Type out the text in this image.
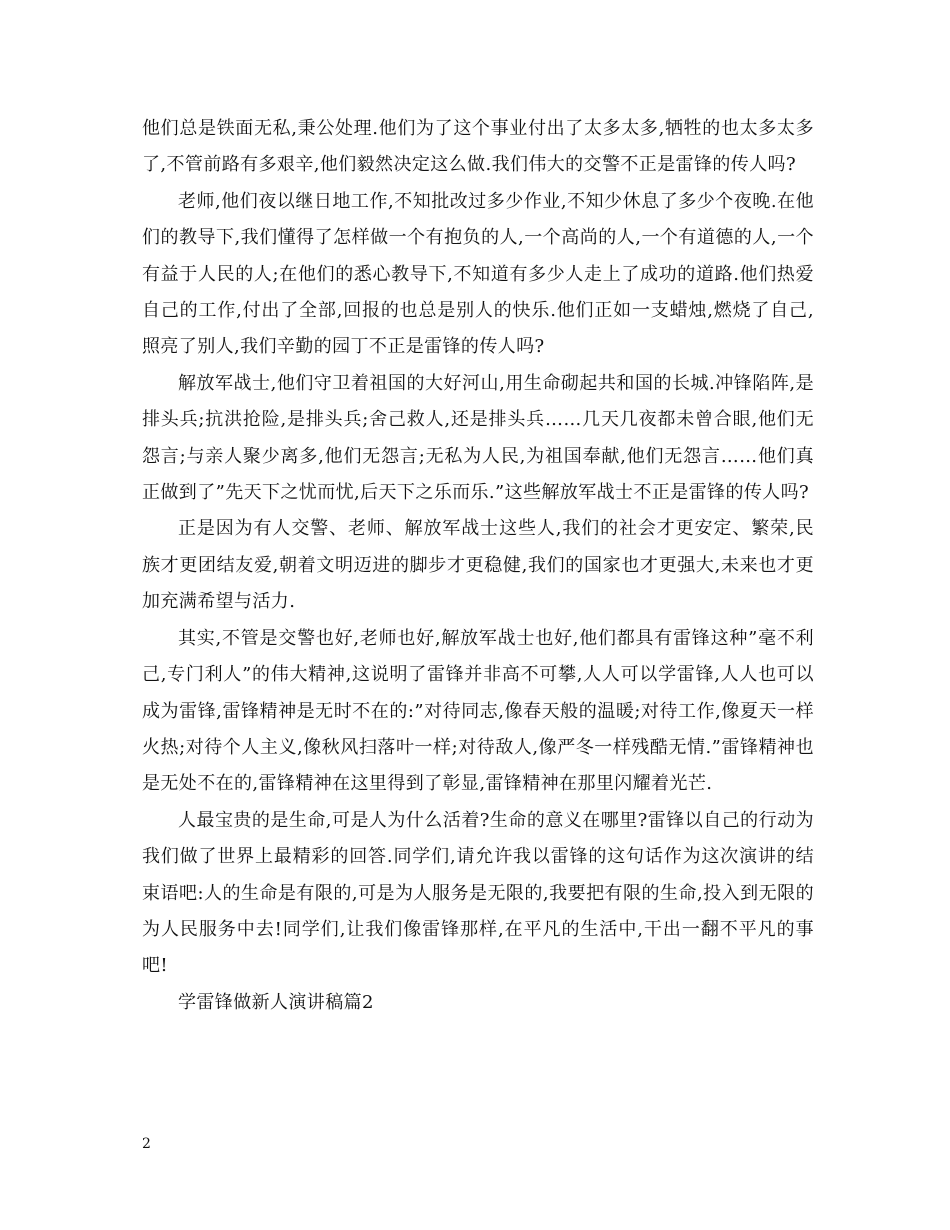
他们总是铁面无私,秉公处理.他们为了这个事业付出了太多太多,牺牲的也太多太多了,不管前路有多艰辛,他们毅然决定这么做.我们伟大的交警不正是雷锋的传人吗?

老师,他们夜以继日地工作,不知批改过多少作业,不知少休息了多少个夜晚.在他们的教导下,我们懂得了怎样做一个有抱负的人,一个高尚的人,一个有道德的人,一个有益于人民的人;在他们的悉心教导下,不知道有多少人走上了成功的道路.他们热爱自己的工作,付出了全部,回报的也总是别人的快乐.他们正如一支蜡烛,燃烧了自己,照亮了别人,我们辛勤的园丁不正是雷锋的传人吗?

解放军战士,他们守卫着祖国的大好河山,用生命砌起共和国的长城.冲锋陷阵,是排头兵;抗洪抢险,是排头兵;舍己救人,还是排头兵……几天几夜都未曾合眼,他们无怨言;与亲人聚少离多,他们无怨言;无私为人民,为祖国奉献,他们无怨言……他们真正做到了”先天下之忧而忧,后天下之乐而乐.”这些解放军战士不正是雷锋的传人吗?

正是因为有人交警、老师、解放军战士这些人,我们的社会才更安定、繁荣,民族才更团结友爱,朝着文明迈进的脚步才更稳健,我们的国家也才更强大,未来也才更加充满希望与活力.

其实,不管是交警也好,老师也好,解放军战士也好,他们都具有雷锋这种”毫不利己,专门利人”的伟大精神,这说明了雷锋并非高不可攀,人人可以学雷锋,人人也可以成为雷锋,雷锋精神是无时不在的:”对待同志,像春天般的温暖;对待工作,像夏天一样火热;对待个人主义,像秋风扫落叶一样;对待敌人,像严冬一样残酷无情.”雷锋精神也是无处不在的,雷锋精神在这里得到了彰显,雷锋精神在那里闪耀着光芒.

人最宝贵的是生命,可是人为什么活着?生命的意义在哪里?雷锋以自己的行动为我们做了世界上最精彩的回答.同学们,请允许我以雷锋的这句话作为这次演讲的结束语吧:人的生命是有限的,可是为人服务是无限的,我要把有限的生命,投入到无限的为人民服务中去!同学们,让我们像雷锋那样,在平凡的生活中,干出一翻不平凡的事吧!

学雷锋做新人演讲稿篇2

2
